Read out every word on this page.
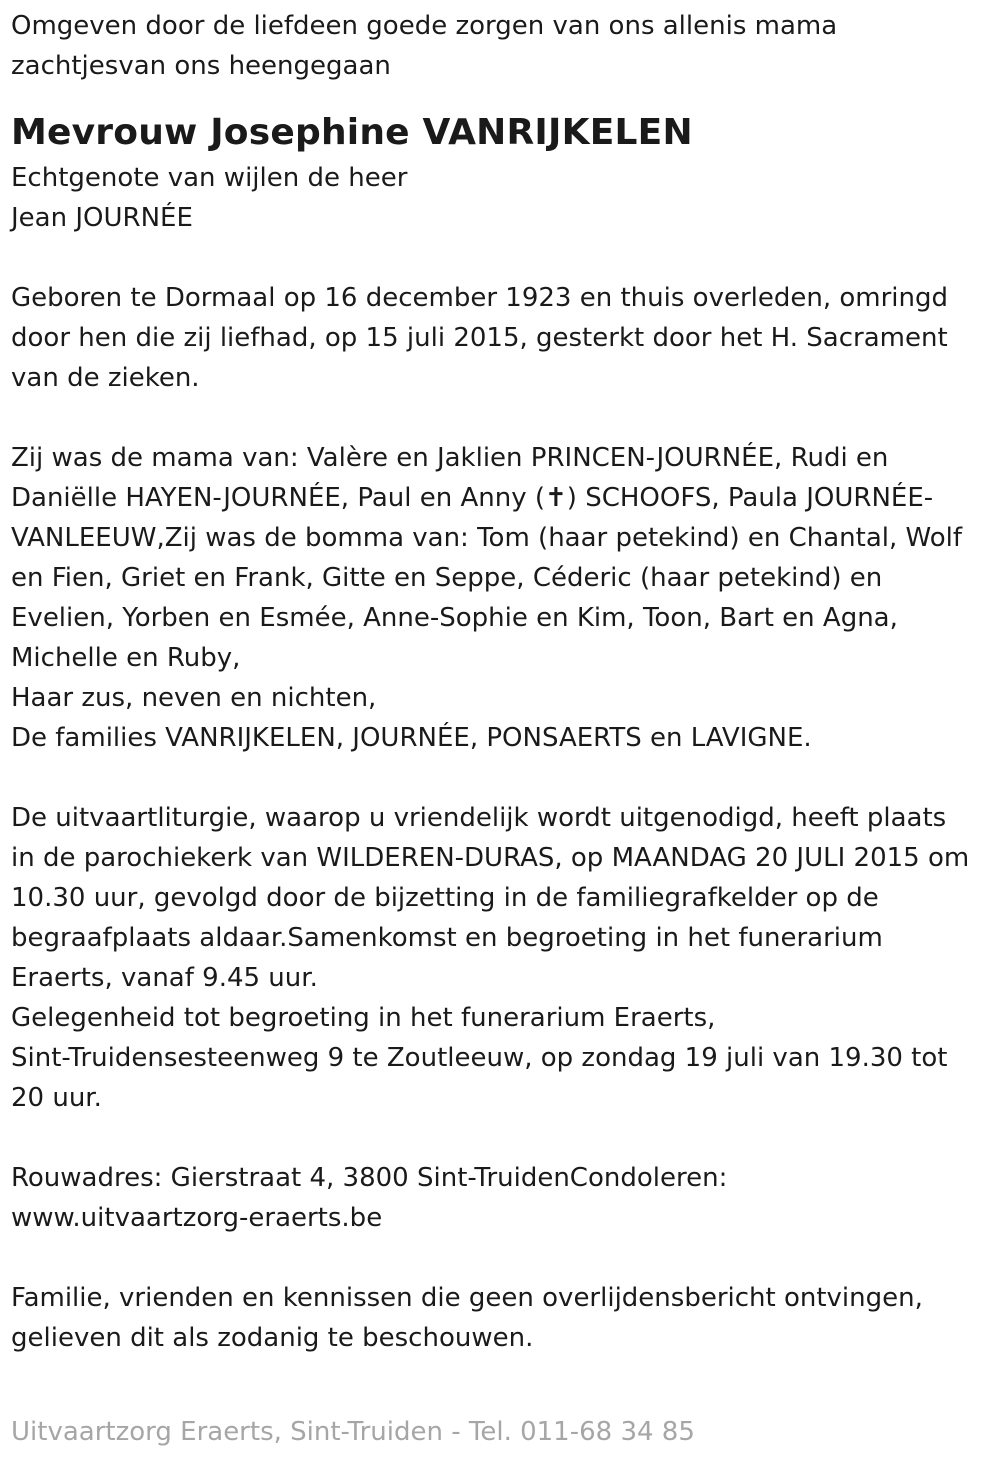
Omgeven door de liefdeen goede zorgen van ons allenis mama
zachtjesvan ons heengegaan

Mevrouw Josephine VANRIJKELEN

Echtgenote van wijlen de heer
Jean JOURNÉE

Geboren te Dormaal op 16 december 1923 en thuis overleden, omringd
door hen die zij liefhad, op 15 juli 2015, gesterkt door het H. Sacrament
van de zieken.

Zij was de mama van: Valère en Jaklien PRINCEN-JOURNÉE, Rudi en
Daniëlle HAYEN-JOURNÉE, Paul en Anny (✝) SCHOOFS, Paula JOURNÉE-
VANLEEUW,Zij was de bomma van: Tom (haar petekind) en Chantal, Wolf
en Fien, Griet en Frank, Gitte en Seppe, Céderic (haar petekind) en
Evelien, Yorben en Esmée, Anne-Sophie en Kim, Toon, Bart en Agna,
Michelle en Ruby,
Haar zus, neven en nichten,
De families VANRIJKELEN, JOURNÉE, PONSAERTS en LAVIGNE.

De uitvaartliturgie, waarop u vriendelijk wordt uitgenodigd, heeft plaats
in de parochiekerk van WILDEREN-DURAS, op MAANDAG 20 JULI 2015 om
10.30 uur, gevolgd door de bijzetting in de familiegrafkelder op de
begraafplaats aldaar.Samenkomst en begroeting in het funerarium
Eraerts, vanaf 9.45 uur.
Gelegenheid tot begroeting in het funerarium Eraerts,
Sint-Truidensesteenweg 9 te Zoutleeuw, op zondag 19 juli van 19.30 tot
20 uur.

Rouwadres: Gierstraat 4, 3800 Sint-TruidenCondoleren:
www.uitvaartzorg-eraerts.be

Familie, vrienden en kennissen die geen overlijdensbericht ontvingen,
gelieven dit als zodanig te beschouwen.

Uitvaartzorg Eraerts, Sint-Truiden - Tel. 011-68 34 85
